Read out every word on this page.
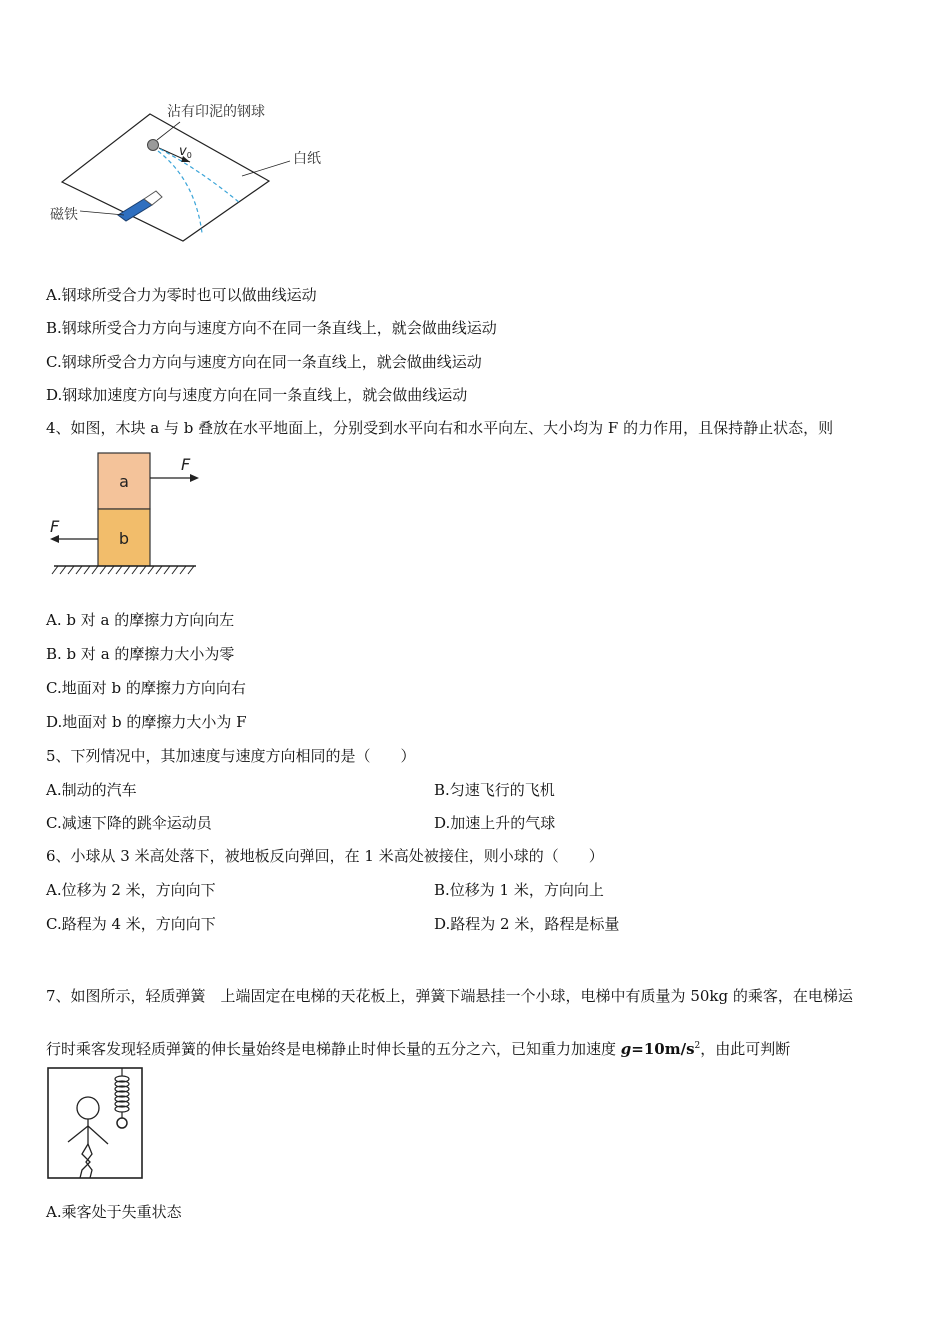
沾有印泥的钢球
$v_0$	白纸
磁铁
A.钢球所受合力为零时也可以做曲线运动
B.钢球所受合力方向与速度方向不在同一条直线上，就会做曲线运动
C.钢球所受合力方向与速度方向在同一条直线上，就会做曲线运动
D.钢球加速度方向与速度方向在同一条直线上，就会做曲线运动
4、如图，木块 a 与 b 叠放在水平地面上，分别受到水平向右和水平向左、大小均为 F 的力作用，且保持静止状态，则
a
b
F
F
A. b 对 a 的摩擦力方向向左
B. b 对 a 的摩擦力大小为零
C.地面对 b 的摩擦力方向向右
D.地面对 b 的摩擦力大小为 F
5、下列情况中，其加速度与速度方向相同的是（　　）
A.制动的汽车	B.匀速飞行的飞机
C.减速下降的跳伞运动员	D.加速上升的气球
6、小球从 3 米高处落下，被地板反向弹回，在 1 米高处被接住，则小球的（　　）
A.位移为 2 米，方向向下	B.位移为 1 米，方向向上
C.路程为 4 米，方向向下	D.路程为 2 米，路程是标量
7、如图所示，轻质弹簧　上端固定在电梯的天花板上，弹簧下端悬挂一个小球，电梯中有质量为 50kg 的乘客，在电梯运
行时乘客发现轻质弹簧的伸长量始终是电梯静止时伸长量的五分之六，已知重力加速度 $g=10m/s^2$，由此可判断
A.乘客处于失重状态
